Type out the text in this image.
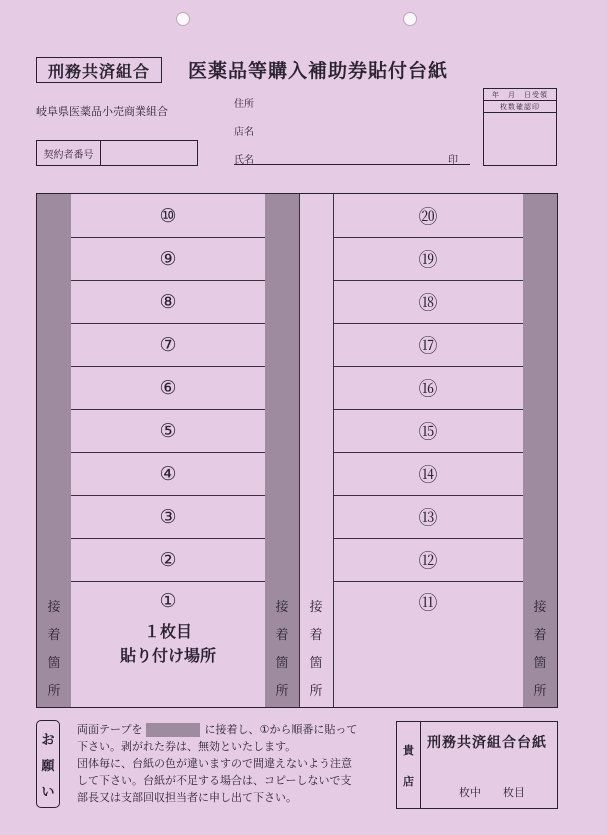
刑務共済組合	医薬品等購入補助券貼付台紙
岐阜県医薬品小売商業組合
住所
店名
氏名	印
契約者番号
年　月　日受領
枚数確認印
⑩	⑳
⑨	⑲
⑧	⑱
⑦	⑰
⑥	⑯
⑤	⑮
④	⑭
③	⑬
②	⑫
①	⑪
接
着
箇
所
接
着
箇
所
接
着
箇
所
接
着
箇
所
１枚目
貼り付け場所
お
願
い
両面テープを	に接着し、①から順番に貼って
下さい。剥がれた券は、無効といたします。
団体毎に、台紙の色が違いますので間違えないよう注意
して下さい。台紙が不足する場合は、コピーしないで支
部長又は支部回収担当者に申し出て下さい。
貴
店
刑務共済組合台紙
枚中　　枚目
